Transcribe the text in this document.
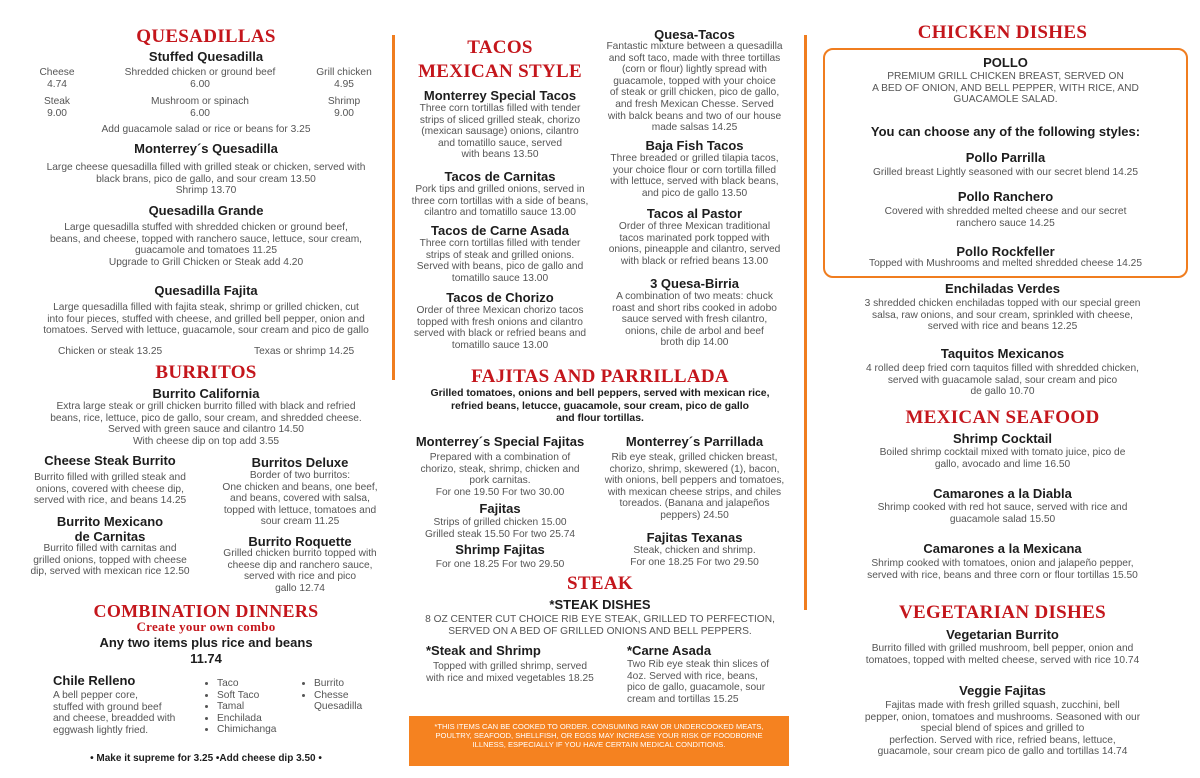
QUESADILLAS
Stuffed Quesadilla
Cheese
4.74
Shredded chicken or ground beef
6.00
Grill chicken
4.95
Steak
9.00
Mushroom or spinach
6.00
Shrimp
9.00
Add guacamole salad or rice or beans for 3.25
Monterrey´s Quesadilla
Large cheese quesadilla filled with grilled steak or chicken, served with
black brans, pico de gallo, and sour cream 13.50
Shrimp 13.70
Quesadilla Grande
Large quesadilla stuffed with shredded chicken or ground beef,
beans, and cheese, topped with ranchero sauce, lettuce, sour cream,
guacamole and tomatoes 11.25
Upgrade to Grill Chicken or Steak add 4.20
Quesadilla Fajita
Large quesadilla filled with fajita steak, shrimp or grilled chicken, cut
into four pieces, stuffed with cheese, and grilled bell pepper, onion and
tomatoes. Served with lettuce, guacamole, sour cream and pico de gallo
Chicken or steak 13.25	Texas or shrimp 14.25
BURRITOS
Burrito California
Extra large steak or grill chicken burrito filled with black and refried
beans, rice, lettuce, pico de gallo, sour cream, and shredded cheese.
Served with green sauce and cilantro 14.50
With cheese dip on top add 3.55
Cheese Steak Burrito
Burrito filled with grilled steak and
onions, covered with cheese dip,
served with rice, and beans 14.25
Burritos Deluxe
Border of two burritos:
One chicken and beans, one beef,
and beans, covered with salsa,
topped with lettuce, tomatoes and
sour cream 11.25
Burrito Mexicano
de Carnitas
Burrito filled with carnitas and
grilled onions, topped with cheese
dip, served with mexican rice 12.50
Burrito Roquette
Grilled chicken burrito topped with
cheese dip and ranchero sauce,
served with rice and pico
gallo 12.74
COMBINATION DINNERS
Create your own combo
Any two items plus rice and beans
11.74
Chile Relleno
A bell pepper core,
stuffed with ground beef
and cheese, breadded with
eggwash lightly fried.
• Taco
• Soft Taco
• Tamal
• Enchilada
• Chimichanga
• Burrito
• Chesse
Quesadilla
• Make it supreme for 3.25 •Add cheese dip 3.50 •
TACOS
MEXICAN STYLE
Monterrey Special Tacos
Three corn tortillas filled with tender
strips of sliced grilled steak, chorizo
(mexican sausage) onions, cilantro
and tomatillo sauce, served
with beans 13.50
Tacos de Carnitas
Pork tips and grilled onions, served in
three corn tortillas with a side of beans,
cilantro and tomatillo sauce 13.00
Tacos de Carne Asada
Three corn tortillas filled with tender
strips of steak and grilled onions.
Served with beans, pico de gallo and
tomatillo sauce 13.00
Tacos de Chorizo
Order of three Mexican chorizo tacos
topped with fresh onions and cilantro
served with black or refried beans and
tomatillo sauce 13.00
Quesa-Tacos
Fantastic mixture between a quesadilla
and soft taco, made with three tortillas
(corn or flour) lightly spread with
guacamole, topped with your choice
of steak or grill chicken, pico de gallo,
and fresh Mexican Chesse. Served
with balck beans and two of our house
made salsas 14.25
Baja Fish Tacos
Three breaded or grilled tilapia tacos,
your choice flour or corn tortilla filled
with lettuce, served with black beans,
and pico de gallo 13.50
Tacos al Pastor
Order of three Mexican traditional
tacos marinated pork topped with
onions, pineapple and cilantro, served
with black or refried beans 13.00
3 Quesa-Birria
A combination of two meats: chuck
roast and short ribs cooked in adobo
sauce served with fresh cilantro,
onions, chile de arbol and beef
broth dip 14.00
FAJITAS AND PARRILLADA
Grilled tomatoes, onions and bell peppers, served with mexican rice,
refried beans, letucce, guacamole, sour cream, pico de gallo
and flour tortillas.
Monterrey´s Special Fajitas
Prepared with a combination of
chorizo, steak, shrimp, chicken and
pork carnitas.
For one 19.50 For two 30.00
Fajitas
Strips of grilled chicken 15.00
Grilled steak 15.50 For two 25.74
Shrimp Fajitas
For one 18.25 For two 29.50
Monterrey´s Parrillada
Rib eye steak, grilled chicken breast,
chorizo, shrimp, skewered (1), bacon,
with onions, bell peppers and tomatoes,
with mexican cheese strips, and chiles
toreados. (Banana and jalapeños
peppers) 24.50
Fajitas Texanas
Steak, chicken and shrimp.
For one 18.25 For two 29.50
STEAK
*STEAK DISHES
8 OZ CENTER CUT CHOICE RIB EYE STEAK, GRILLED TO PERFECTION,
SERVED ON A BED OF GRILLED ONIONS AND BELL PEPPERS.
*Steak and Shrimp
Topped with grilled shrimp, served
with rice and mixed vegetables 18.25
*Carne Asada
Two Rib eye steak thin slices of
4oz. Served with rice, beans,
pico de gallo, guacamole, sour
cream and tortillas 15.25
*THIS ITEMS CAN BE COOKED TO ORDER. CONSUMING RAW OR UNDERCOOKED MEATS, POULTRY, SEAFOOD, SHELLFISH, OR EGGS MAY INCREASE YOUR RISK OF FOODBORNE ILLNESS, ESPECIALLY IF YOU HAVE CERTAIN MEDICAL CONDITIONS.
CHICKEN DISHES
POLLO
PREMIUM GRILL CHICKEN BREAST, SERVED ON
A BED OF ONION, AND BELL PEPPER, WITH RICE, AND
GUACAMOLE SALAD.
You can choose any of the following styles:
Pollo Parrilla
Grilled breast Lightly seasoned with our secret blend 14.25
Pollo Ranchero
Covered with shredded melted cheese and our secret
ranchero sauce 14.25
Pollo Rockfeller
Topped with Mushrooms and melted shredded cheese 14.25
Enchiladas Verdes
3 shredded chicken enchiladas topped with our special green
salsa, raw onions, and sour cream, sprinkled with cheese,
served with rice and beans 12.25
Taquitos Mexicanos
4 rolled deep fried corn taquitos filled with shredded chicken,
served with guacamole salad, sour cream and pico
de gallo 10.70
MEXICAN SEAFOOD
Shrimp Cocktail
Boiled shrimp cocktail mixed with tomato juice, pico de
gallo, avocado and lime 16.50
Camarones a la Diabla
Shrimp cooked with red hot sauce, served with rice and
guacamole salad 15.50
Camarones a la Mexicana
Shrimp cooked with tomatoes, onion and jalapeño pepper,
served with rice, beans and three corn or flour tortillas 15.50
VEGETARIAN DISHES
Vegetarian Burrito
Burrito filled with grilled mushroom, bell pepper, onion and
tomatoes, topped with melted cheese, served with rice 10.74
Veggie Fajitas
Fajitas made with fresh grilled squash, zucchini, bell
pepper, onion, tomatoes and mushrooms. Seasoned with our
special blend of spices and grilled to
perfection. Served with rice, refried beans, lettuce,
guacamole, sour cream pico de gallo and tortillas 14.74
